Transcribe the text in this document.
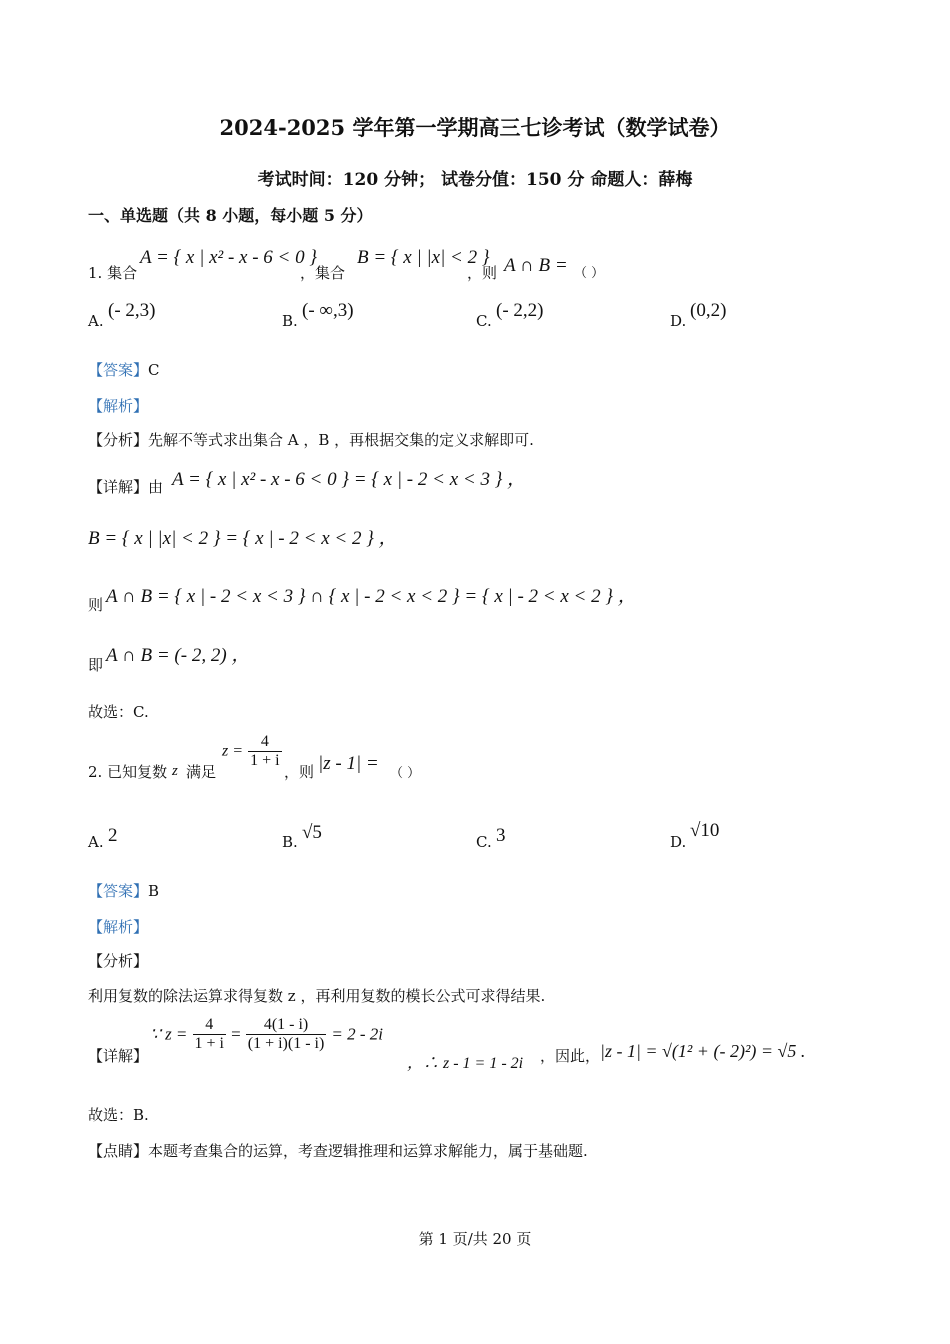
2024-2025 学年第一学期高三七诊考试（数学试卷）
考试时间：120 分钟； 试卷分值：150 分 命题人：薛梅
一、单选题（共 8 小题，每小题 5 分）
1. 集合
A = { x | x² - x - 6 < 0 }
，集合
B = { x | |x| < 2 }
，则 A ∩ B = （ ）
A. (- 2,3)	B. (- ∞,3)	C. (- 2,2)	D. (0,2)
【答案】C
【解析】
【分析】先解不等式求出集合 A ，B ，再根据交集的定义求解即可.
【详解】由 A = { x | x² - x - 6 < 0 } = { x | - 2 < x < 3 } ，
B = { x | |x| < 2 } = { x | - 2 < x < 2 } ，
则 A ∩ B = { x | - 2 < x < 3 } ∩ { x | - 2 < x < 2 } = { x | - 2 < x < 2 } ，
即 A ∩ B = (- 2, 2) ，
故选：C.
2. 已知复数 z 满足
$z = \frac{4}{1 + i}$
，则 |z - 1| = （ ）
A. 2	B. √5	C. 3	D.
√10
【答案】B
【解析】
【分析】
利用复数的除法运算求得复数 z ，再利用复数的模长公式可求得结果.
【详解】
∵ $z = \frac{4}{1 + i} = \frac{4(1 - i)}{(1 + i)(1 - i)} = 2 - 2i$
，∴ z - 1 = 1 - 2i ，因此， |z - 1| = √(1² + (- 2)²) = √5 .
故选：B.
【点睛】本题考查集合的运算，考查逻辑推理和运算求解能力，属于基础题.
第 1 页/共 20 页
